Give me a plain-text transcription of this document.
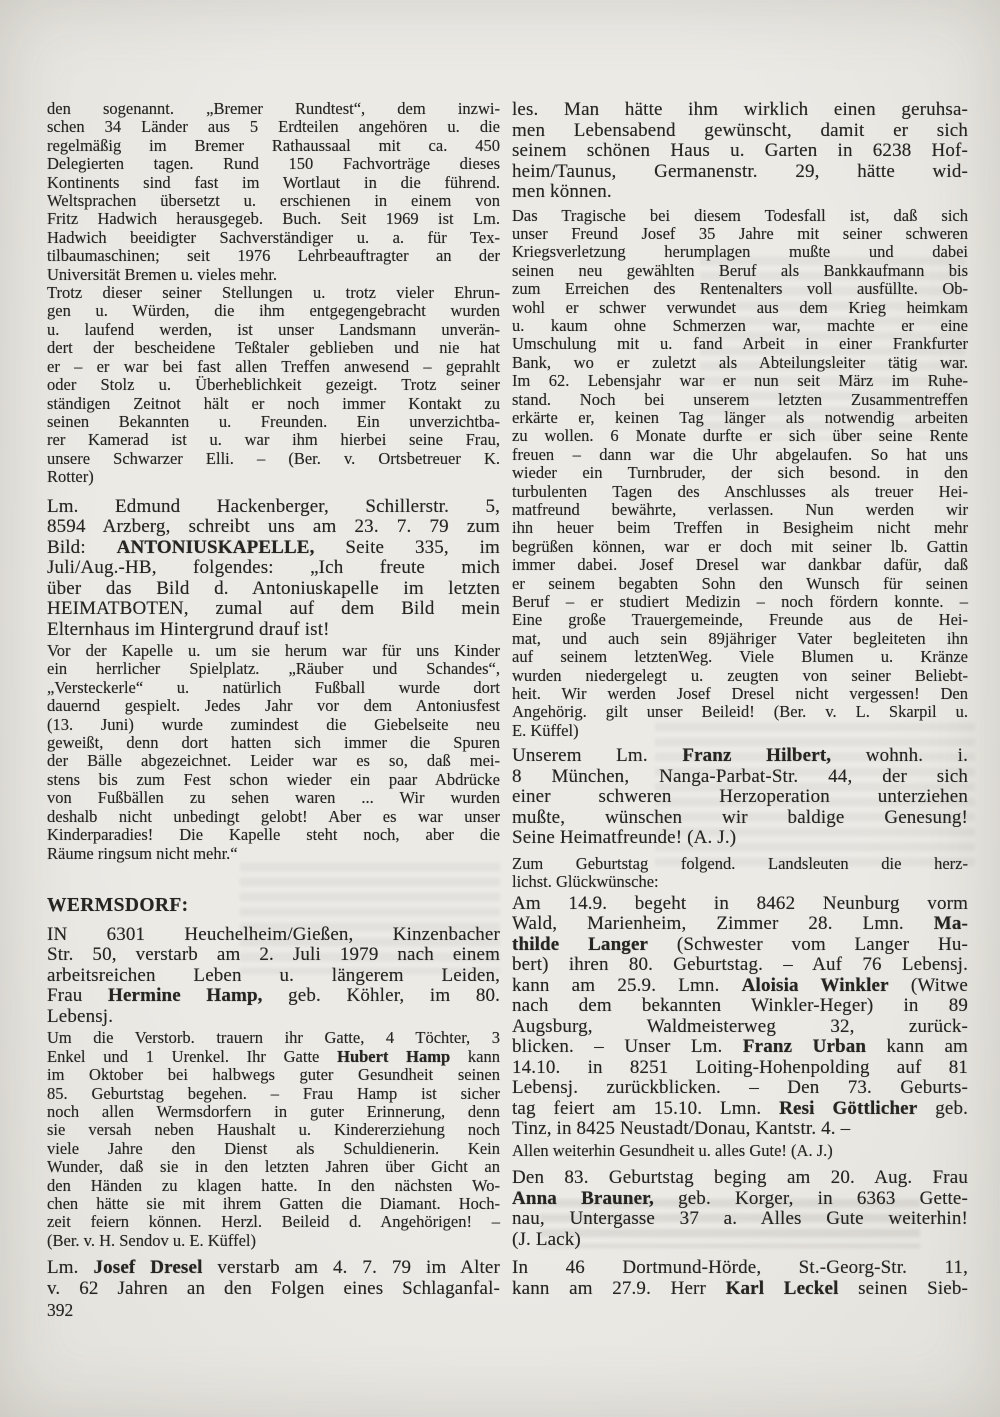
den sogenannt. „Bremer Rundtest“, dem inzwi-
schen 34 Länder aus 5 Erdteilen angehören u. die
regelmäßig im Bremer Rathaussaal mit ca. 450
Delegierten tagen. Rund 150 Fachvorträge dieses
Kontinents sind fast im Wortlaut in die führend.
Weltsprachen übersetzt u. erschienen in einem von
Fritz Hadwich herausgegeb. Buch. Seit 1969 ist Lm.
Hadwich beeidigter Sachverständiger u. a. für Tex-
tilbaumaschinen; seit 1976 Lehrbeauftragter an der
Universität Bremen u. vieles mehr.
Trotz dieser seiner Stellungen u. trotz vieler Ehrun-
gen u. Würden, die ihm entgegengebracht wurden
u. laufend werden, ist unser Landsmann unverän-
dert der bescheidene Teßtaler geblieben und nie hat
er – er war bei fast allen Treffen anwesend – geprahlt
oder Stolz u. Überheblichkeit gezeigt. Trotz seiner
ständigen Zeitnot hält er noch immer Kontakt zu
seinen Bekannten u. Freunden. Ein unverzichtba-
rer Kamerad ist u. war ihm hierbei seine Frau,
unsere Schwarzer Elli. – (Ber. v. Ortsbetreuer K.
Rotter)
Lm. Edmund Hackenberger, Schillerstr. 5,
8594 Arzberg, schreibt uns am 23. 7. 79 zum
Bild: ANTONIUSKAPELLE, Seite 335, im
Juli/Aug.-HB, folgendes: „Ich freute mich
über das Bild d. Antoniuskapelle im letzten
HEIMATBOTEN, zumal auf dem Bild mein
Elternhaus im Hintergrund drauf ist!
Vor der Kapelle u. um sie herum war für uns Kinder
ein herrlicher Spielplatz. „Räuber und Schandes“,
„Versteckerle“ u. natürlich Fußball wurde dort
dauernd gespielt. Jedes Jahr vor dem Antoniusfest
(13. Juni) wurde zumindest die Giebelseite neu
geweißt, denn dort hatten sich immer die Spuren
der Bälle abgezeichnet. Leider war es so, daß mei-
stens bis zum Fest schon wieder ein paar Abdrücke
von Fußbällen zu sehen waren ... Wir wurden
deshalb nicht unbedingt gelobt! Aber es war unser
Kinderparadies! Die Kapelle steht noch, aber die
Räume ringsum nicht mehr.“
WERMSDORF:
IN 6301 Heuchelheim/Gießen, Kinzenbacher
Str. 50, verstarb am 2. Juli 1979 nach einem
arbeitsreichen Leben u. längerem Leiden,
Frau Hermine Hamp, geb. Köhler, im 80.
Lebensj.
Um die Verstorb. trauern ihr Gatte, 4 Töchter, 3
Enkel und 1 Urenkel. Ihr Gatte Hubert Hamp kann
im Oktober bei halbwegs guter Gesundheit seinen
85. Geburtstag begehen. – Frau Hamp ist sicher
noch allen Wermsdorfern in guter Erinnerung, denn
sie versah neben Haushalt u. Kindererziehung noch
viele Jahre den Dienst als Schuldienerin. Kein
Wunder, daß sie in den letzten Jahren über Gicht an
den Händen zu klagen hatte. In den nächsten Wo-
chen hätte sie mit ihrem Gatten die Diamant. Hoch-
zeit feiern können. Herzl. Beileid d. Angehörigen! –
(Ber. v. H. Sendov u. E. Küffel)
Lm. Josef Dresel verstarb am 4. 7. 79 im Alter
v. 62 Jahren an den Folgen eines Schlaganfal-
les. Man hätte ihm wirklich einen geruhsa-
men Lebensabend gewünscht, damit er sich
seinem schönen Haus u. Garten in 6238 Hof-
heim/Taunus, Germanenstr. 29, hätte wid-
men können.
Das Tragische bei diesem Todesfall ist, daß sich
unser Freund Josef 35 Jahre mit seiner schweren
Kriegsverletzung herumplagen mußte und dabei
seinen neu gewählten Beruf als Bankkaufmann bis
zum Erreichen des Rentenalters voll ausfüllte. Ob-
wohl er schwer verwundet aus dem Krieg heimkam
u. kaum ohne Schmerzen war, machte er eine
Umschulung mit u. fand Arbeit in einer Frankfurter
Bank, wo er zuletzt als Abteilungsleiter tätig war.
Im 62. Lebensjahr war er nun seit März im Ruhe-
stand. Noch bei unserem letzten Zusammentreffen
erkärte er, keinen Tag länger als notwendig arbeiten
zu wollen. 6 Monate durfte er sich über seine Rente
freuen – dann war die Uhr abgelaufen. So hat uns
wieder ein Turnbruder, der sich besond. in den
turbulenten Tagen des Anschlusses als treuer Hei-
matfreund bewährte, verlassen. Nun werden wir
ihn heuer beim Treffen in Besigheim nicht mehr
begrüßen können, war er doch mit seiner lb. Gattin
immer dabei. Josef Dresel war dankbar dafür, daß
er seinem begabten Sohn den Wunsch für seinen
Beruf – er studiert Medizin – noch fördern konnte. –
Eine große Trauergemeinde, Freunde aus de Hei-
mat, und auch sein 89jähriger Vater begleiteten ihn
auf seinem letztenWeg. Viele Blumen u. Kränze
wurden niedergelegt u. zeugten von seiner Beliebt-
heit. Wir werden Josef Dresel nicht vergessen! Den
Angehörig. gilt unser Beileid! (Ber. v. L. Skarpil u.
E. Küffel)
Unserem Lm. Franz Hilbert, wohnh. i.
8 München, Nanga-Parbat-Str. 44, der sich
einer schweren Herzoperation unterziehen
mußte, wünschen wir baldige Genesung!
Seine Heimatfreunde! (A. J.)
Zum Geburtstag folgend. Landsleuten die herz-
lichst. Glückwünsche:
Am 14.9. begeht in 8462 Neunburg vorm
Wald, Marienheim, Zimmer 28. Lmn. Ma-
thilde Langer (Schwester vom Langer Hu-
bert) ihren 80. Geburtstag. – Auf 76 Lebensj.
kann am 25.9. Lmn. Aloisia Winkler (Witwe
nach dem bekannten Winkler-Heger) in 89
Augsburg, Waldmeisterweg 32, zurück-
blicken. – Unser Lm. Franz Urban kann am
14.10. in 8251 Loiting-Hohenpolding auf 81
Lebensj. zurückblicken. – Den 73. Geburts-
tag feiert am 15.10. Lmn. Resi Göttlicher geb.
Tinz, in 8425 Neustadt/Donau, Kantstr. 4. –
Allen weiterhin Gesundheit u. alles Gute! (A. J.)
Den 83. Geburtstag beging am 20. Aug. Frau
Anna Brauner, geb. Korger, in 6363 Gette-
nau, Untergasse 37 a. Alles Gute weiterhin!
(J. Lack)
In 46 Dortmund-Hörde, St.-Georg-Str. 11,
kann am 27.9. Herr Karl Leckel seinen Sieb-
392
